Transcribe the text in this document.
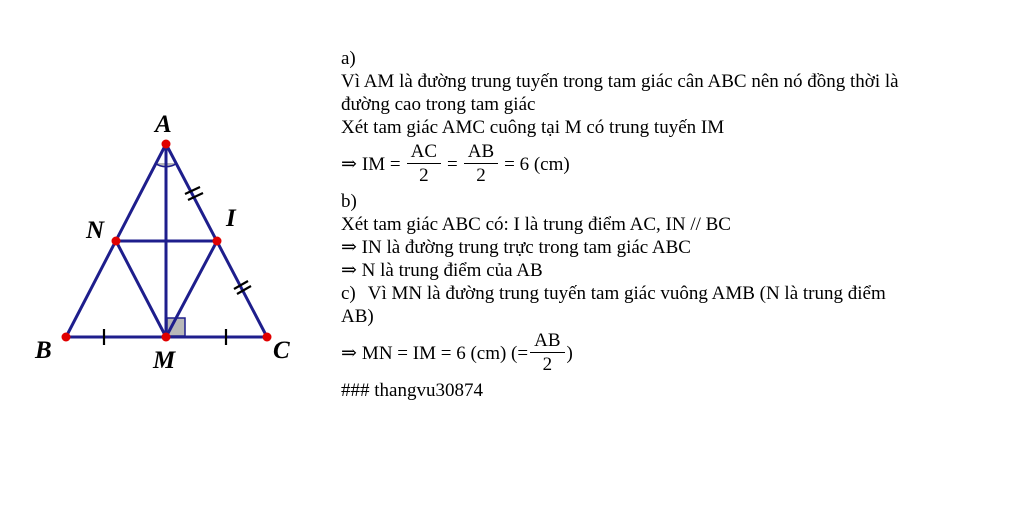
A
B	C
M
N	I
a)
Vì AM là đường trung tuyến trong tam giác cân ABC nên nó đồng thời là
đường cao trong tam giác
Xét tam giác AMC cuông tại M có trung tuyến IM
⇒ IM = $\frac{AC}{2} = \frac{AB}{2} = 6$ (cm)
b)
Xét tam giác ABC có: I là trung điểm AC, IN // BC
⇒ IN là đường trung trực trong tam giác ABC
⇒ N là trung điểm của AB
c) Vì MN là đường trung tuyến tam giác vuông AMB (N là trung điểm
AB)
⇒ MN = IM = 6 (cm) (= $\frac{AB}{2}$ )
### thangvu30874
